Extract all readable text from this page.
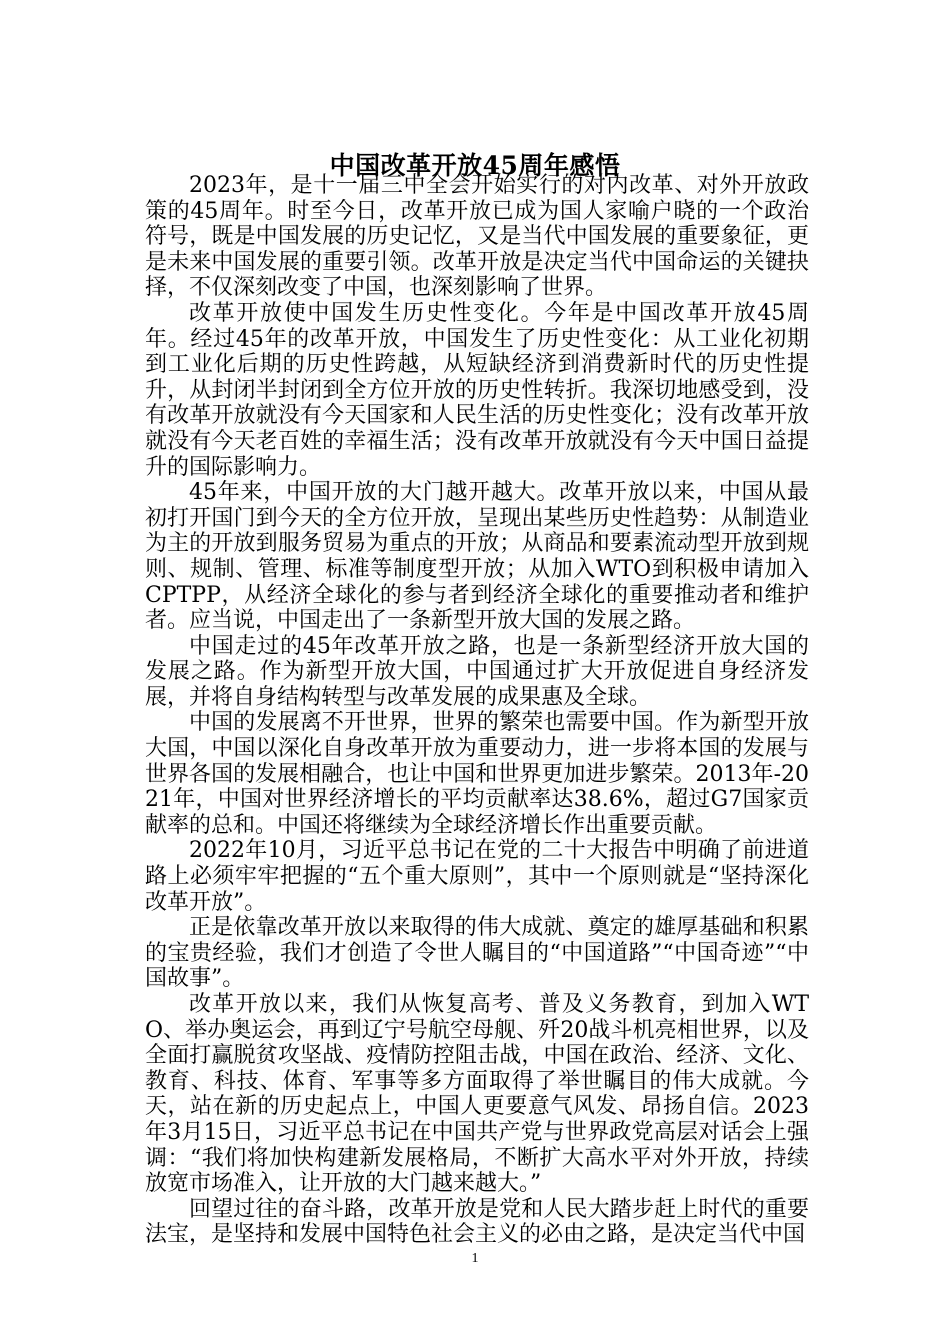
中国改革开放45周年感悟

2023年，是十一届三中全会开始实行的对内改革、对外开放政策的45周年。时至今日，改革开放已成为国人家喻户晓的一个政治符号，既是中国发展的历史记忆，又是当代中国发展的重要象征，更是未来中国发展的重要引领。改革开放是决定当代中国命运的关键抉择，不仅深刻改变了中国，也深刻影响了世界。

改革开放使中国发生历史性变化。今年是中国改革开放45周年。经过45年的改革开放，中国发生了历史性变化：从工业化初期到工业化后期的历史性跨越，从短缺经济到消费新时代的历史性提升，从封闭半封闭到全方位开放的历史性转折。我深切地感受到，没有改革开放就没有今天国家和人民生活的历史性变化；没有改革开放就没有今天老百姓的幸福生活；没有改革开放就没有今天中国日益提升的国际影响力。

45年来，中国开放的大门越开越大。改革开放以来，中国从最初打开国门到今天的全方位开放，呈现出某些历史性趋势：从制造业为主的开放到服务贸易为重点的开放；从商品和要素流动型开放到规则、规制、管理、标准等制度型开放；从加入WTO到积极申请加入CPTPP，从经济全球化的参与者到经济全球化的重要推动者和维护者。应当说，中国走出了一条新型开放大国的发展之路。

中国走过的45年改革开放之路，也是一条新型经济开放大国的发展之路。作为新型开放大国，中国通过扩大开放促进自身经济发展，并将自身结构转型与改革发展的成果惠及全球。

中国的发展离不开世界，世界的繁荣也需要中国。作为新型开放大国，中国以深化自身改革开放为重要动力，进一步将本国的发展与世界各国的发展相融合，也让中国和世界更加进步繁荣。2013年-2021年，中国对世界经济增长的平均贡献率达38.6%，超过G7国家贡献率的总和。中国还将继续为全球经济增长作出重要贡献。

2022年10月，习近平总书记在党的二十大报告中明确了前进道路上必须牢牢把握的“五个重大原则”，其中一个原则就是“坚持深化改革开放”。

正是依靠改革开放以来取得的伟大成就、奠定的雄厚基础和积累的宝贵经验，我们才创造了令世人瞩目的“中国道路”“中国奇迹”“中国故事”。

改革开放以来，我们从恢复高考、普及义务教育，到加入WTO、举办奥运会，再到辽宁号航空母舰、歼20战斗机亮相世界，以及全面打赢脱贫攻坚战、疫情防控阻击战，中国在政治、经济、文化、教育、科技、体育、军事等多方面取得了举世瞩目的伟大成就。今天，站在新的历史起点上，中国人更要意气风发、昂扬自信。2023年3月15日，习近平总书记在中国共产党与世界政党高层对话会上强调：“我们将加快构建新发展格局，不断扩大高水平对外开放，持续放宽市场准入，让开放的大门越来越大。”

回望过往的奋斗路，改革开放是党和人民大踏步赶上时代的重要法宝，是坚持和发展中国特色社会主义的必由之路，是决定当代中国

1
